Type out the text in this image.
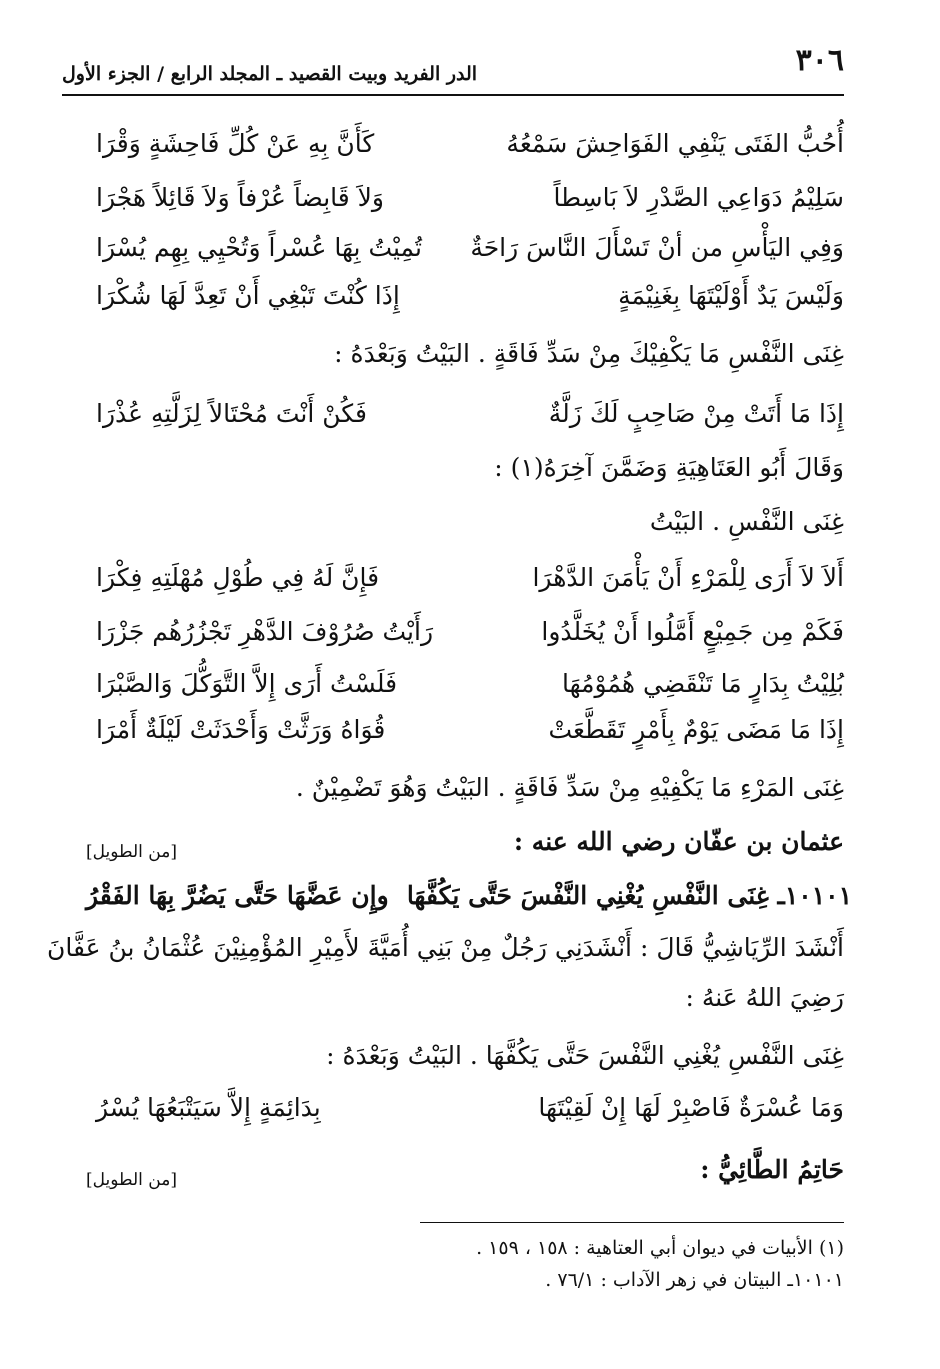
٣٠٦
الدر الفريد وبيت القصيد ـ المجلد الرابع / الجزء الأول
أُحُبُّ الفَتَى يَنْفِي الفَوَاحِشَ سَمْعُهُ
كَأَنَّ بِهِ عَنْ كُلِّ فَاحِشَةٍ وَقْرَا
سَلِيْمُ دَوَاعِي الصَّدْرِ لاَ بَاسِطاً
وَلاَ قَابِضاً عُرْفاً وَلاَ قَائِلاً هَجْرَا
وَفِي اليَأْسِ من أنْ تَسْأَلَ النَّاسَ رَاحَةٌ
تُمِيْتُ بِهَا عُسْراً وَتُحْيِي بِهِم يُسْرَا
وَلَيْسَ يَدٌ أَوْلَيْتَهَا بِغَنِيْمَةٍ
إِذَا كُنْتَ تَبْغِي أَنْ تَعِدَّ لَهَا شُكْرَا
غِنَى النَّفْسِ مَا يَكْفِيْكَ مِنْ سَدِّ فَاقَةٍ . البَيْتُ وَبَعْدَهُ :
إِذَا مَا أَتَتْ مِنْ صَاحِبٍ لَكَ زَلَّةٌ
فَكُنْ أَنْتَ مُحْتَالاً لِزَلَّتِهِ عُذْرَا
وَقَالَ أَبُو العَتَاهِيَةِ وَضَمَّنَ آخِرَهُ(١) :
غِنَى النَّفْسِ . البَيْتُ
أَلاَ لاَ أَرَى لِلْمَرْءِ أَنْ يَأْمَنَ الدَّهْرَا
فَإِنَّ لَهُ فِي طُوْلِ مُهْلَتِهِ فِكْرَا
فَكَمْ مِن جَمِيْعٍ أَمَّلُوا أَنْ يُخَلَّدُوا
رَأَيْتُ صُرُوْفَ الدَّهْرِ تَجْزُرُهُم جَزْرَا
بُلِيْتُ بِدَارٍ مَا تَنْقَضِي هُمُوْمُهَا
فَلَسْتُ أَرَى إِلاَّ التَّوَكُّلَ وَالصَّبْرَا
إِذَا مَا مَضَى يَوْمٌ بِأَمْرٍ تَقَطَّعَتْ
قُوَاهُ وَرَثَّتْ وَأَحْدَثَتْ لَيْلَةٌ أَمْرَا
غِنَى المَرْءِ مَا يَكْفِيْهِ مِنْ سَدِّ فَاقَةٍ . البَيْتُ وَهُوَ تَضْمِيْنٌ .
عثمان بن عفّان رضي الله عنه :
[من الطويل]
١٠١٠١ـ غِنَى النَّفْسِ يُغْنِي النَّفْسَ حَتَّى يَكُفَّهَا
وإِن عَضَّهَا حَتَّى يَضُرَّ بِهَا الفَقْرُ
أَنْشَدَ الرِّيَاشِيُّ قَالَ : أَنْشَدَنِي رَجُلٌ مِنْ بَنِي أُمَيَّةَ لأَمِيْرِ المُؤْمِنِيْنَ عُثْمَانُ بنُ عَفَّانَ
رَضِيَ اللهُ عَنهُ :
غِنَى النَّفْسِ يُغْنِي النَّفْسَ حَتَّى يَكُفَّهَا . البَيْتُ وَبَعْدَهُ :
وَمَا عُسْرَةٌ فَاصْبِرْ لَهَا إِنْ لَقِيْتَهَا
بِدَائِمَةٍ إِلاَّ سَيَتْبَعُهَا يُسْرُ
حَاتِمُ الطَّائِيُّ :
[من الطويل]
(١) الأبيات في ديوان أبي العتاهية : ١٥٨ ، ١٥٩ .
١٠١٠١ـ البيتان في زهر الآداب : ٧٦/١ .
